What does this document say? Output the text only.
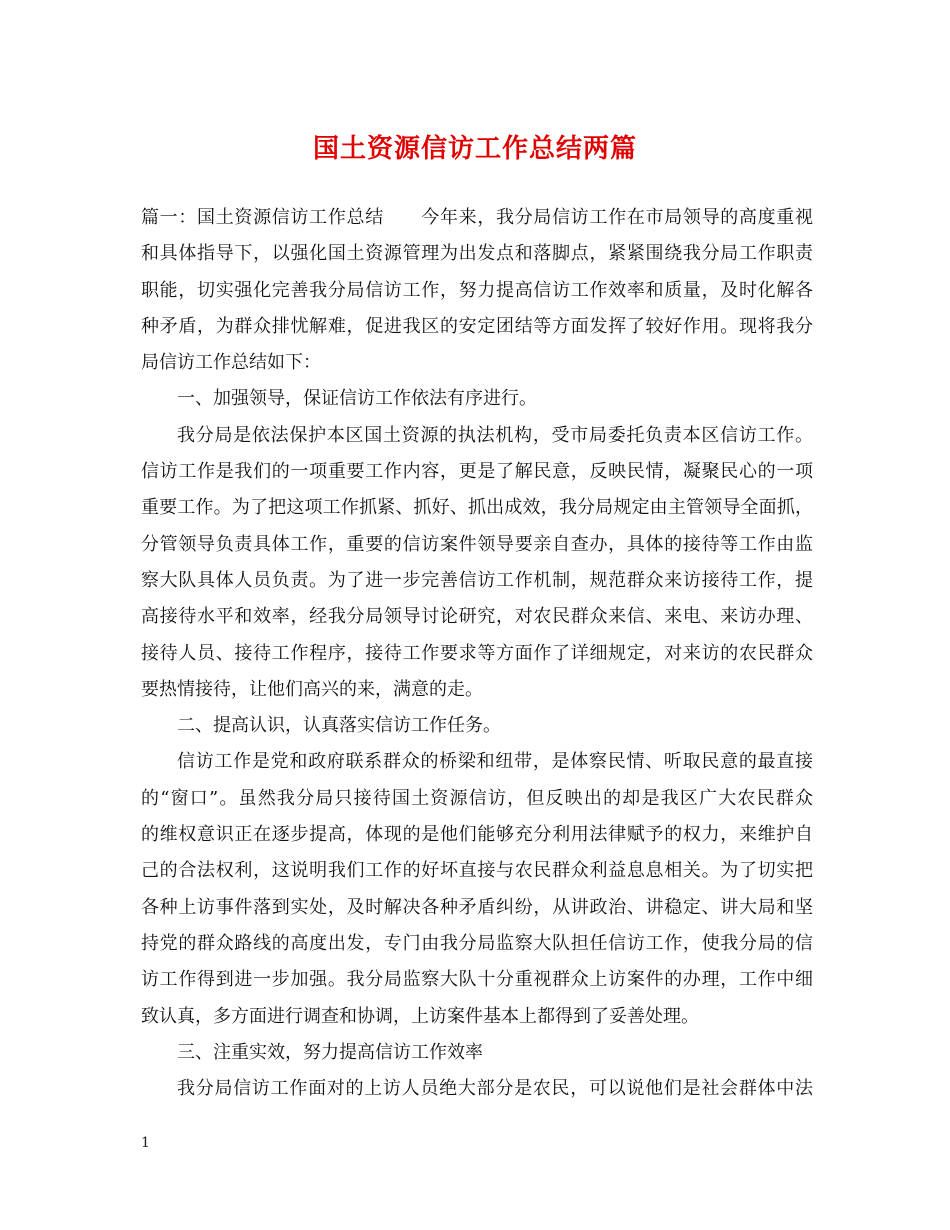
国土资源信访工作总结两篇
篇一：国土资源信访工作总结　　今年来，我分局信访工作在市局领导的高度重视
和具体指导下，以强化国土资源管理为出发点和落脚点，紧紧围绕我分局工作职责
职能，切实强化完善我分局信访工作，努力提高信访工作效率和质量，及时化解各
种矛盾，为群众排忧解难，促进我区的安定团结等方面发挥了较好作用。现将我分
局信访工作总结如下：
一、加强领导，保证信访工作依法有序进行。
我分局是依法保护本区国土资源的执法机构，受市局委托负责本区信访工作。
信访工作是我们的一项重要工作内容，更是了解民意，反映民情，凝聚民心的一项
重要工作。为了把这项工作抓紧、抓好、抓出成效，我分局规定由主管领导全面抓，
分管领导负责具体工作，重要的信访案件领导要亲自查办，具体的接待等工作由监
察大队具体人员负责。为了进一步完善信访工作机制，规范群众来访接待工作，提
高接待水平和效率，经我分局领导讨论研究，对农民群众来信、来电、来访办理、
接待人员、接待工作程序，接待工作要求等方面作了详细规定，对来访的农民群众
要热情接待，让他们高兴的来，满意的走。
二、提高认识，认真落实信访工作任务。
信访工作是党和政府联系群众的桥梁和纽带，是体察民情、听取民意的最直接
的“窗口”。虽然我分局只接待国土资源信访，但反映出的却是我区广大农民群众
的维权意识正在逐步提高，体现的是他们能够充分利用法律赋予的权力，来维护自
己的合法权利，这说明我们工作的好坏直接与农民群众利益息息相关。为了切实把
各种上访事件落到实处，及时解决各种矛盾纠纷，从讲政治、讲稳定、讲大局和坚
持党的群众路线的高度出发，专门由我分局监察大队担任信访工作，使我分局的信
访工作得到进一步加强。我分局监察大队十分重视群众上访案件的办理，工作中细
致认真，多方面进行调查和协调，上访案件基本上都得到了妥善处理。
三、注重实效，努力提高信访工作效率
我分局信访工作面对的上访人员绝大部分是农民，可以说他们是社会群体中法
1
